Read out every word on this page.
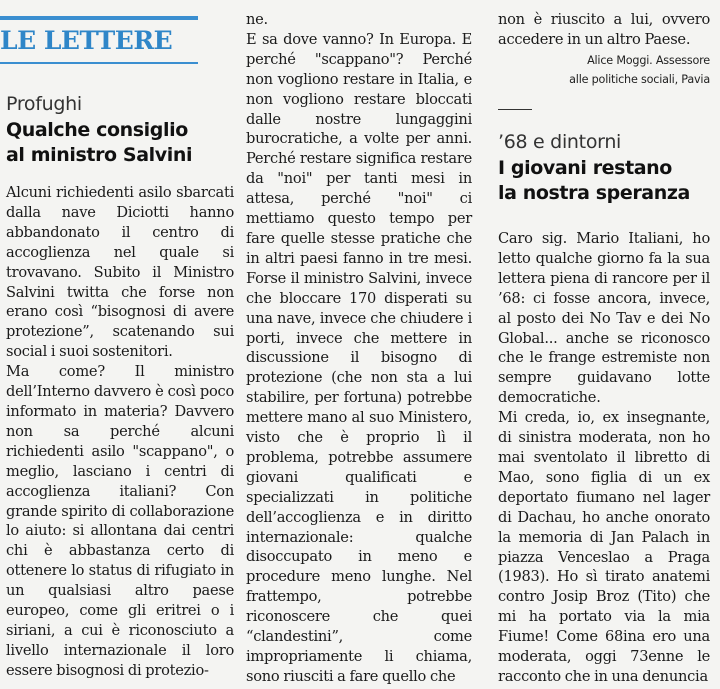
LE LETTERE
Profughi
Qualche consiglio
al ministro Salvini

Alcuni richiedenti asilo sbarcati dalla nave Diciotti hanno abbandonato il centro di accoglienza nel quale si trovavano. Subito il Ministro Salvini twitta che forse non erano così “bisognosi di avere protezione”, scatenando sui social i suoi sostenitori.

Ma come? Il ministro dell’Interno davvero è così poco informato in materia? Davvero non sa perché alcuni richiedenti asilo "scappano", o meglio, lasciano i centri di accoglienza italiani? Con grande spirito di collaborazione lo aiuto: si allontana dai centri chi è abbastanza certo di ottenere lo status di rifugiato in un qualsiasi altro paese europeo, come gli eritrei o i siriani, a cui è riconosciuto a livello internazionale il loro essere bisognosi di protezio-

ne.

E sa dove vanno? In Europa. E perché "scappano"? Perché non vogliono restare in Italia, e non vogliono restare bloccati dalle nostre lungaggini burocratiche, a volte per anni. Perché restare significa restare da "noi" per tanti mesi in attesa, perché "noi" ci mettiamo questo tempo per fare quelle stesse pratiche che in altri paesi fanno in tre mesi. Forse il ministro Salvini, invece che bloccare 170 disperati su una nave, invece che chiudere i porti, invece che mettere in discussione il bisogno di protezione (che non sta a lui stabilire, per fortuna) potrebbe mettere mano al suo Ministero, visto che è proprio lì il problema, potrebbe assumere giovani qualificati e specializzati in politiche dell’accoglienza e in diritto internazionale: qualche disoccupato in meno e procedure meno lunghe. Nel frattempo, potrebbe riconoscere che quei “clandestini”, come impropriamente li chiama, sono riusciti a fare quello che

non è riuscito a lui, ovvero accedere in un altro Paese.

Alice Moggi. Assessore
alle politiche sociali, Pavia
’68 e dintorni
I giovani restano
la nostra speranza

Caro sig. Mario Italiani, ho letto qualche giorno fa la sua lettera piena di rancore per il ’68: ci fosse ancora, invece, al posto dei No Tav e dei No Global... anche se riconosco che le frange estremiste non sempre guidavano lotte democratiche.

Mi creda, io, ex insegnante, di sinistra moderata, non ho mai sventolato il libretto di Mao, sono figlia di un ex deportato fiumano nel lager di Dachau, ho anche onorato la memoria di Jan Palach in piazza Venceslao a Praga (1983). Ho sì tirato anatemi contro Josip Broz (Tito) che mi ha portato via la mia Fiume! Come 68ina ero una moderata, oggi 73enne le racconto che in una denuncia
